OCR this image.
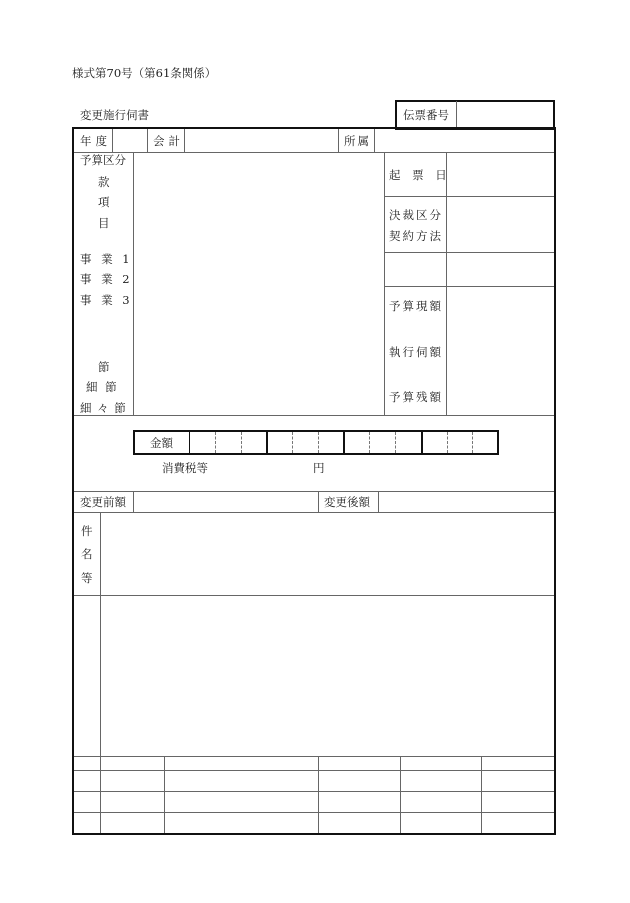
様式第70号（第61条関係）
変更施行伺書	伝票番号
年度	会計	所属
予算区分
款
項
目
事 業 1
事 業 2
事 業 3
節
細 節
細 々 節
起 票 日
決裁区分
契約方法
予算現額
執行伺額
予算残額
金額
消費税等	円
変更前額	変更後額
件
名
等
